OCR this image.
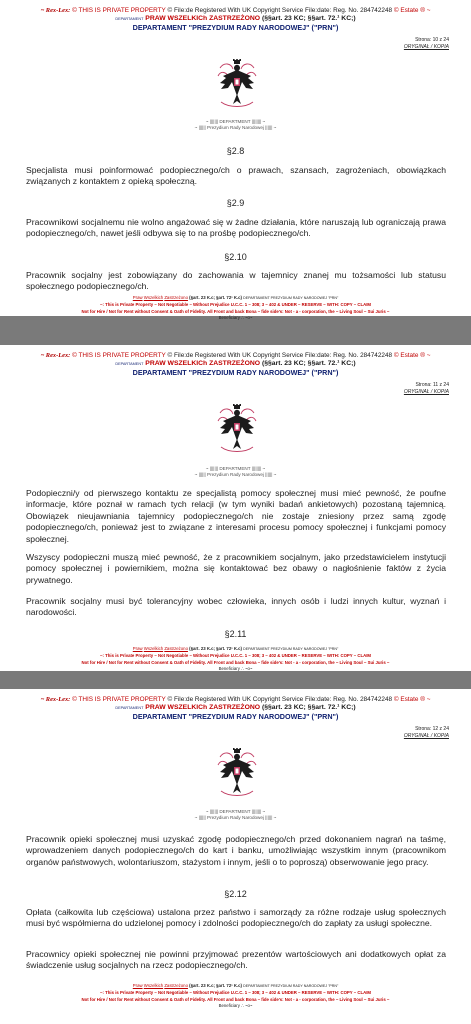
~ Rex-Lex: © THIS IS PRIVATE PROPERTY © File:de Registered With UK Copyright Service File:date: Reg. No. 284742248 © Estate ® ~
DEPARTAMENT PRAW WSZELKICh ZASTRZEŻONO (§§art. 23 KC; §§art. 72.¹ KC;)
DEPARTAMENT "PREZYDIUM RADY NARODOWEJ" ("PRN")
Strona: 10 z 24
ORYGINAŁ / KOPIA
~ ||||||| DEPARTMENT |||||||| ~
~ |||||| Prezydium Rady Narodowej |||||| ~
§2.8
Specjalista musi poinformować podopiecznego/ch o prawach, szansach, zagrożeniach, obowiązkach związanych z kontaktem z opieką społeczną.
§2.9
Pracownikowi socjalnemu nie wolno angażować się w żadne działania, które naruszają lub ograniczają prawa podopiecznego/ch, nawet jeśli odbywa się to na prośbę podopiecznego/ch.
§2.10
Pracownik socjalny jest zobowiązany do zachowania w tajemnicy znanej mu tożsamości lub statusu społecznego podopiecznego/ch.
Praw Wszelkich Zastrzeżono (§art. 23 K.c; §art. 72¹ K.c) DEPARTAMENT PREZYDIUM RADY NARODOWEJ "PRN"
~: This is Private Property – Not Negotiable – Without Prejudice U.C.C. 1 – 308; 3 – 402 & UNDER – RESERVE – WITH: COPY – CLAIM
Not for Hire / Not for Rent without Consent & Oath of Fidelity. All Front and back Bona – fide side's: Not - a - corporation, the ~ Living Soul ~ Sui Juris ~
Beneficiary ∴ ~o~
~ Rex-Lex: © THIS IS PRIVATE PROPERTY © File:de Registered With UK Copyright Service File:date: Reg. No. 284742248 © Estate ® ~
DEPARTAMENT PRAW WSZELKICh ZASTRZEŻONO (§§art. 23 KC; §§art. 72.¹ KC;)
DEPARTAMENT "PREZYDIUM RADY NARODOWEJ" ("PRN")
Strona: 11 z 24
ORYGINAŁ / KOPIA
~ ||||||| DEPARTMENT |||||||| ~
~ |||||| Prezydium Rady Narodowej |||||| ~
Podopieczni/y od pierwszego kontaktu ze specjalistą pomocy społecznej musi mieć pewność, że poufne informacje, które poznał w ramach tych relacji (w tym wyniki badań ankietowych) pozostaną tajemnicą. Obowiązek nieujawniania tajemnicy podopiecznego/ch nie zostaje zniesiony przez samą zgodę podopiecznego/ch, ponieważ jest to związane z interesami procesu pomocy społecznej i funkcjami pomocy społecznej.
Wszyscy podopieczni muszą mieć pewność, że z pracownikiem socjalnym, jako przedstawicielem instytucji pomocy społecznej i powiernikiem, można się kontaktować bez obawy o nagłośnienie faktów z życia prywatnego.
Pracownik socjalny musi być tolerancyjny wobec człowieka, innych osób i ludzi innych kultur, wyznań i narodowości.
§2.11
Praw Wszelkich Zastrzeżono (§art. 23 K.c; §art. 72¹ K.c) DEPARTAMENT PREZYDIUM RADY NARODOWEJ "PRN"
~: This is Private Property – Not Negotiable – Without Prejudice U.C.C. 1 – 308; 3 – 402 & UNDER – RESERVE – WITH: COPY – CLAIM
Not for Hire / Not for Rent without Consent & Oath of Fidelity. All Front and back Bona – fide side's: Not - a - corporation, the ~ Living Soul ~ Sui Juris ~
Beneficiary ∴ ~o~
~ Rex-Lex: © THIS IS PRIVATE PROPERTY © File:de Registered With UK Copyright Service File:date: Reg. No. 284742248 © Estate ® ~
DEPARTAMENT PRAW WSZELKICh ZASTRZEŻONO (§§art. 23 KC; §§art. 72.¹ KC;)
DEPARTAMENT "PREZYDIUM RADY NARODOWEJ" ("PRN")
Strona: 12 z 24
ORYGINAŁ / KOPIA
~ ||||||| DEPARTMENT |||||||| ~
~ |||||| Prezydium Rady Narodowej |||||| ~
Pracownik opieki społecznej musi uzyskać zgodę podopiecznego/ch przed dokonaniem nagrań na taśmę, wprowadzeniem danych podopiecznego/ch do kart i banku, umożliwiając wszystkim innym (pracownikom organów państwowych, wolontariuszom, stażystom i innym, jeśli o to poproszą) obserwowanie jego pracy.
§2.12
Opłata (całkowita lub częściowa) ustalona przez państwo i samorządy za różne rodzaje usług społecznych musi być współmierna do udzielonej pomocy i zdolności podopiecznego/ch do zapłaty za usługi społeczne.
Pracownicy opieki społecznej nie powinni przyjmować prezentów wartościowych ani dodatkowych opłat za świadczenie usług socjalnych na rzecz podopiecznego/ch.
Praw Wszelkich Zastrzeżono (§art. 23 K.c; §art. 72¹ K.c) DEPARTAMENT PREZYDIUM RADY NARODOWEJ "PRN"
~: This is Private Property – Not Negotiable – Without Prejudice U.C.C. 1 – 308; 3 – 402 & UNDER – RESERVE – WITH: COPY – CLAIM
Not for Hire / Not for Rent without Consent & Oath of Fidelity. All Front and back Bona – fide side's: Not - a - corporation, the ~ Living Soul ~ Sui Juris ~
Beneficiary ∴ ~o~
